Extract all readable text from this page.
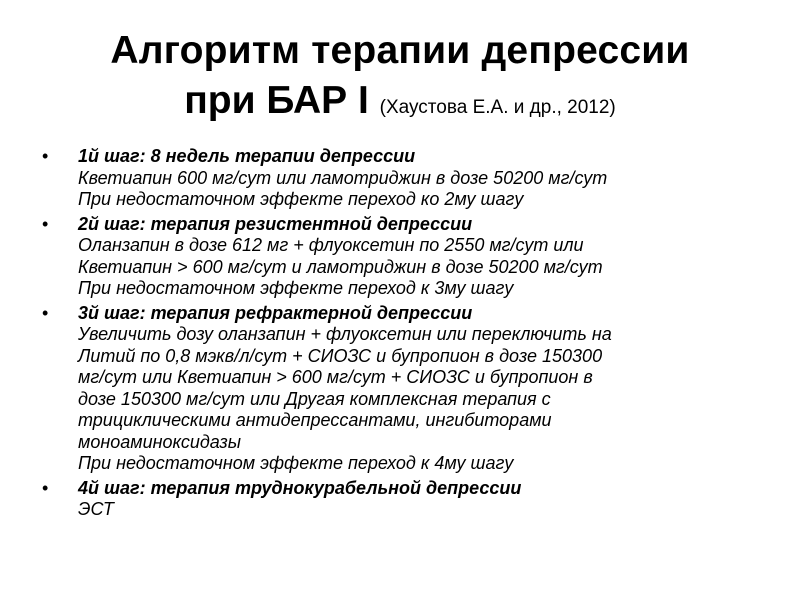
Алгоритм терапии депрессии
при БАР I (Хаустова Е.А. и др., 2012)
• 1й шаг: 8 недель терапии депрессии
Кветиапин 600 мг/сут или ламотриджин в дозе 50200 мг/сут
При недостаточном эффекте переход ко 2му шагу
• 2й шаг: терапия резистентной депрессии
Оланзапин в дозе 612 мг + флуоксетин по 2550 мг/сут или
Кветиапин > 600 мг/сут и ламотриджин в дозе 50200 мг/сут
При недостаточном эффекте переход к 3му шагу
• 3й шаг: терапия рефрактерной депрессии
Увеличить дозу оланзапин + флуоксетин или переключить на
Литий по 0,8 мэкв/л/сут + СИОЗС и бупропион в дозе 150300
мг/сут или Кветиапин > 600 мг/сут + СИОЗС и бупропион в
дозе 150300 мг/сут или Другая комплексная терапия с
трициклическими антидепрессантами, ингибиторами
моноаминоксидазы
При недостаточном эффекте переход к 4му шагу
• 4й шаг: терапия труднокурабельной депрессии
ЭСТ
